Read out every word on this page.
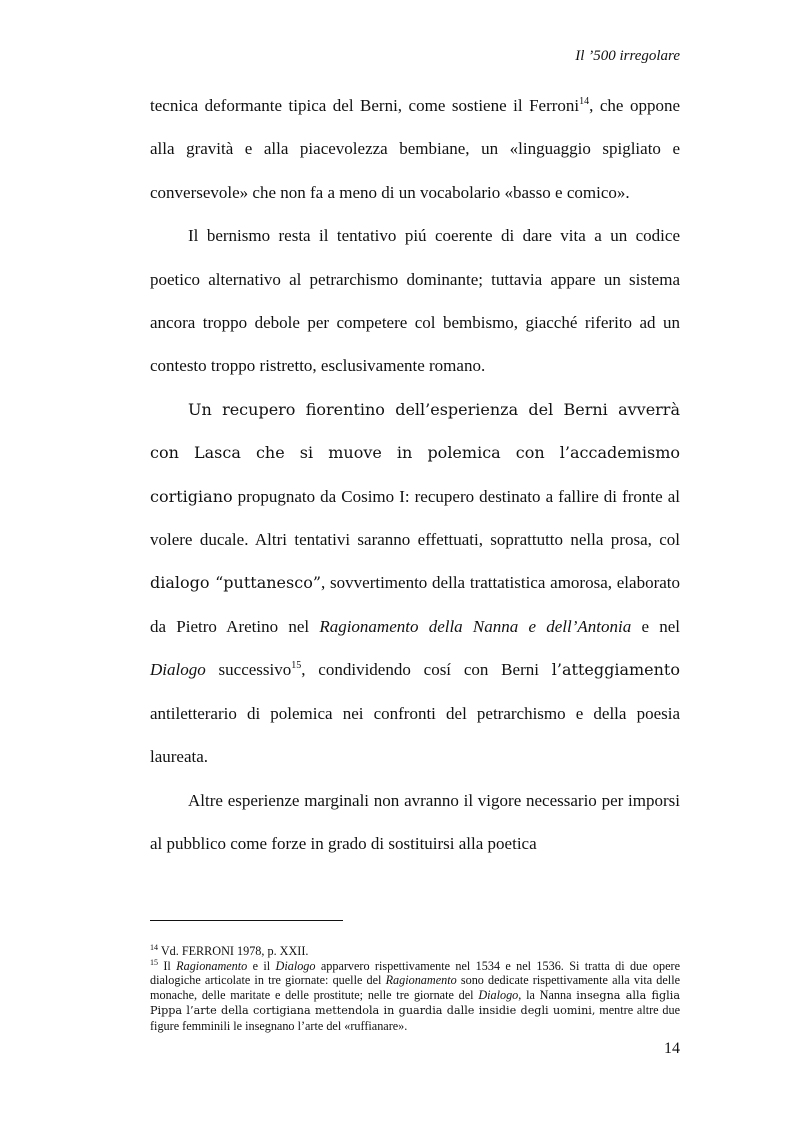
Il ’500 irregolare

tecnica deformante tipica del Berni, come sostiene il Ferroni$^{14}$, che oppone alla gravità e alla piacevolezza bembiane, un «linguaggio spigliato e conversevole» che non fa a meno di un vocabolario «basso e comico».

Il bernismo resta il tentativo piú coerente di dare vita a un codice poetico alternativo al petrarchismo dominante; tuttavia appare un sistema ancora troppo debole per competere col bembismo, giacché riferito ad un contesto troppo ristretto, esclusivamente romano.

Un recupero fiorentino dell’esperienza del Berni avverrà con Lasca che si muove in polemica con l’accademismo cortigiano propugnato da Cosimo I: recupero destinato a fallire di fronte al volere ducale. Altri tentativi saranno effettuati, soprattutto nella prosa, col dialogo “puttanesco”, sovvertimento della trattatistica amorosa, elaborato da Pietro Aretino nel Ragionamento della Nanna e dell’Antonia e nel Dialogo successivo$^{15}$, condividendo cosí con Berni l’atteggiamento antiletterario di polemica nei confronti del petrarchismo e della poesia laureata.

Altre esperienze marginali non avranno il vigore necessario per imporsi al pubblico come forze in grado di sostituirsi alla poetica

$^{14}$ Vd. FERRONI 1978, p. XXII.

$^{15}$ Il Ragionamento e il Dialogo apparvero rispettivamente nel 1534 e nel 1536. Si tratta di due opere dialogiche articolate in tre giornate: quelle del Ragionamento sono dedicate rispettivamente alla vita delle monache, delle maritate e delle prostitute; nelle tre giornate del Dialogo, la Nanna insegna alla figlia Pippa l’arte della cortigiana mettendola in guardia dalle insidie degli uomini, mentre altre due figure femminili le insegnano l’arte del «ruffianare».

14
